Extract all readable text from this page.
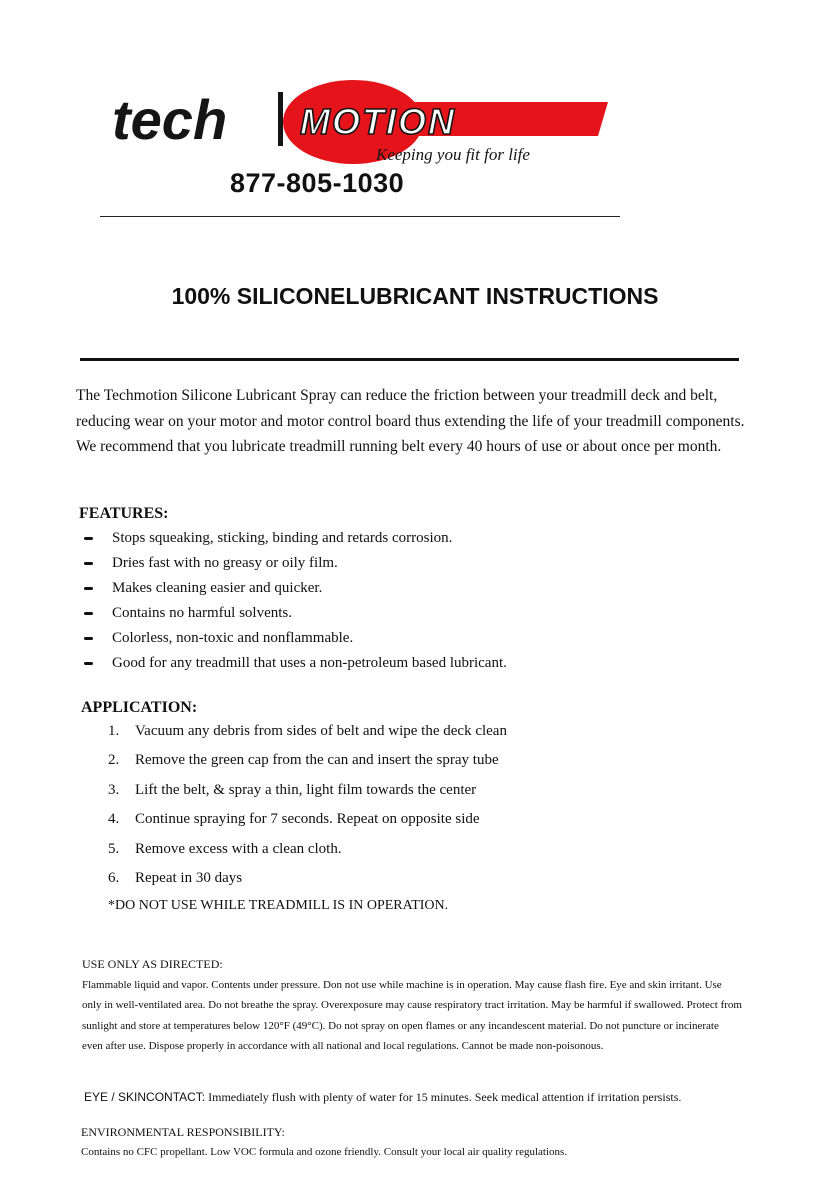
tech MOTION
Keeping you fit for life
877-805-1030
100% SILICONELUBRICANT INSTRUCTIONS

The Techmotion Silicone Lubricant Spray can reduce the friction between your treadmill deck and belt, reducing wear on your motor and motor control board thus extending the life of your treadmill components. We recommend that you lubricate treadmill running belt every 40 hours of use or about once per month.

FEATURES:
Stops squeaking, sticking, binding and retards corrosion.
Dries fast with no greasy or oily film.
Makes cleaning easier and quicker.
Contains no harmful solvents.
Colorless, non-toxic and nonflammable.
Good for any treadmill that uses a non-petroleum based lubricant.
APPLICATION:
1. Vacuum any debris from sides of belt and wipe the deck clean
2. Remove the green cap from the can and insert the spray tube
3. Lift the belt, & spray a thin, light film towards the center
4. Continue spraying for 7 seconds. Repeat on opposite side
5. Remove excess with a clean cloth.
6. Repeat in 30 days
*DO NOT USE WHILE TREADMILL IS IN OPERATION.

USE ONLY AS DIRECTED:

Flammable liquid and vapor. Contents under pressure. Don not use while machine is in operation. May cause flash fire. Eye and skin irritant. Use only in well-ventilated area. Do not breathe the spray. Overexposure may cause respiratory tract irritation. May be harmful if swallowed. Protect from sunlight and store at temperatures below 120°F (49°C). Do not spray on open flames or any incandescent material. Do not puncture or incinerate even after use. Dispose properly in accordance with all national and local regulations. Cannot be made non-poisonous.

EYE / SKINCONTACT: Immediately flush with plenty of water for 15 minutes. Seek medical attention if irritation persists.

ENVIRONMENTAL RESPONSIBILITY:

Contains no CFC propellant. Low VOC formula and ozone friendly. Consult your local air quality regulations.
